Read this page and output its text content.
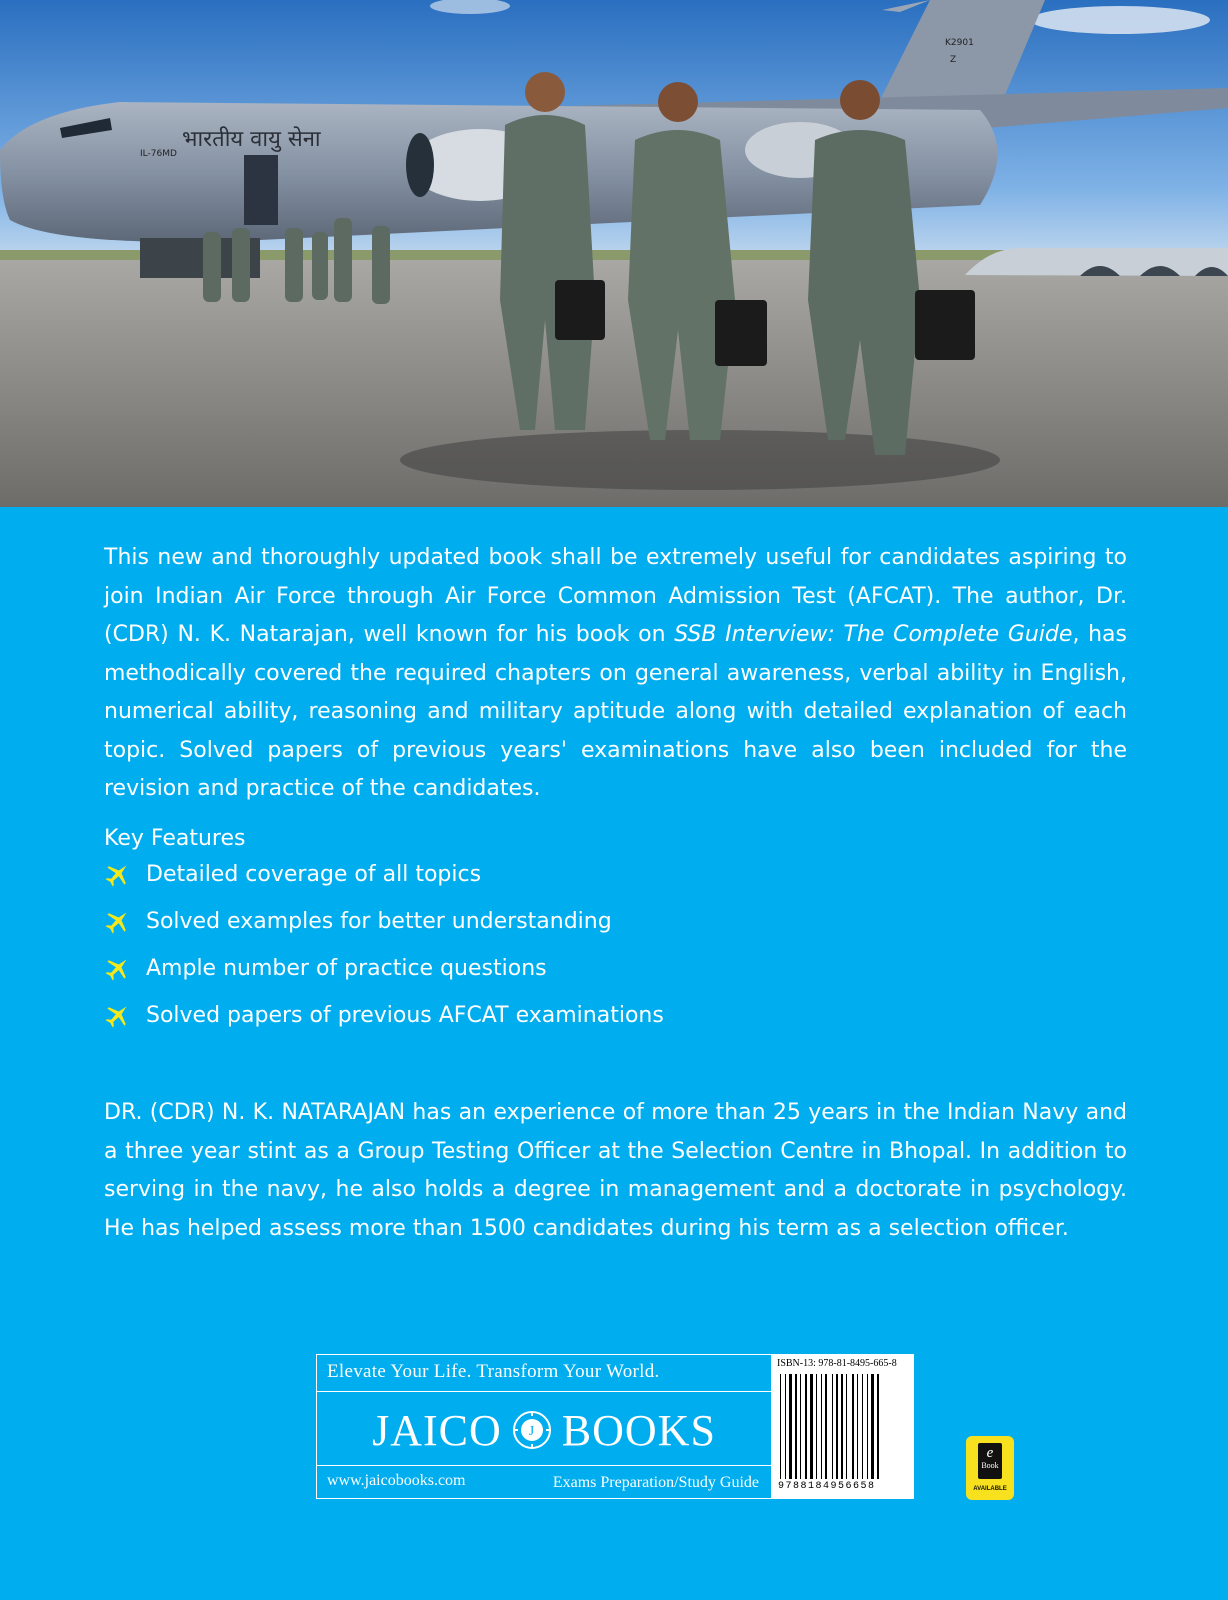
K2901
Z
भारतीय वायु सेना
IL-76MD

This new and thoroughly updated book shall be extremely useful for candidates aspiring to join Indian Air Force through Air Force Common Admission Test (AFCAT). The author, Dr. (CDR) N. K. Natarajan, well known for his book on SSB Interview: The Complete Guide, has methodically covered the required chapters on general awareness, verbal ability in English, numerical ability, reasoning and military aptitude along with detailed explanation of each topic. Solved papers of previous years' examinations have also been included for the revision and practice of the candidates.

Key Features
Detailed coverage of all topics
Solved examples for better understanding
Ample number of practice questions
Solved papers of previous AFCAT examinations

DR. (CDR) N. K. NATARAJAN has an experience of more than 25 years in the Indian Navy and a three year stint as a Group Testing Officer at the Selection Centre in Bhopal. In addition to serving in the navy, he also holds a degree in management and a doctorate in psychology. He has helped assess more than 1500 candidates during his term as a selection officer.

Elevate Your Life. Transform Your World.
JAICO J BOOKS
www.jaicobooks.com	Exams Preparation/Study Guide
ISBN-13: 978-81-8495-665-8
9788184956658
e
Book
AVAILABLE
